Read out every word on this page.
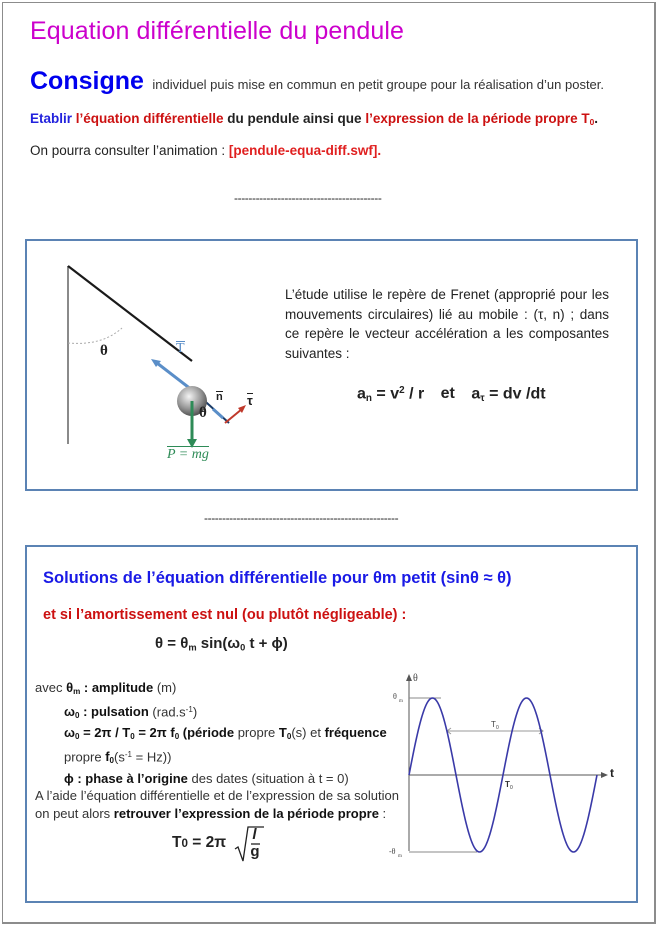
Equation différentielle du pendule
Consigne individuel puis mise en commun en petit groupe pour la réalisation d’un poster.
Etablir l’équation différentielle du pendule ainsi que l’expression de la période propre $T_0$.
On pourra consulter l’animation : [pendule-equa-diff.swf].
-----------------------------------------
θ	T
n τ
θ
P = mg
L’étude utilise le repère de Frenet (approprié pour les mouvements circulaires) lié au mobile : (τ, n) ; dans ce repère le vecteur accélération a les composantes suivantes :
$a_n = v^2 / r$ et $a_\tau$ = dv /dt
------------------------------------------------------
Solutions de l’équation différentielle pour θm petit (sinθ ≈ θ)
et si l’amortissement est nul (ou plutôt négligeable) :
$\theta = \theta_m$ $\sin(\omega_0$ t + ϕ)
avec $\theta_m$ : amplitude (m)
$\omega_0$ : pulsation $(rad.s^{-1})$
$\omega_0 = 2\pi / T_0 = 2\pi$ $f_0$ (période propre $T_0(s)$ et fréquence
propre $f_0(s^{-1} = Hz)$)
ϕ : phase à l’origine des dates (situation à t = 0)
A l’aide l’équation différentielle et de l’expression de sa solution on peut alors retrouver l’expression de la période propre :
T0 = 2π l
g
θ
t
θ
m
-θ
m
T 0
T 0
